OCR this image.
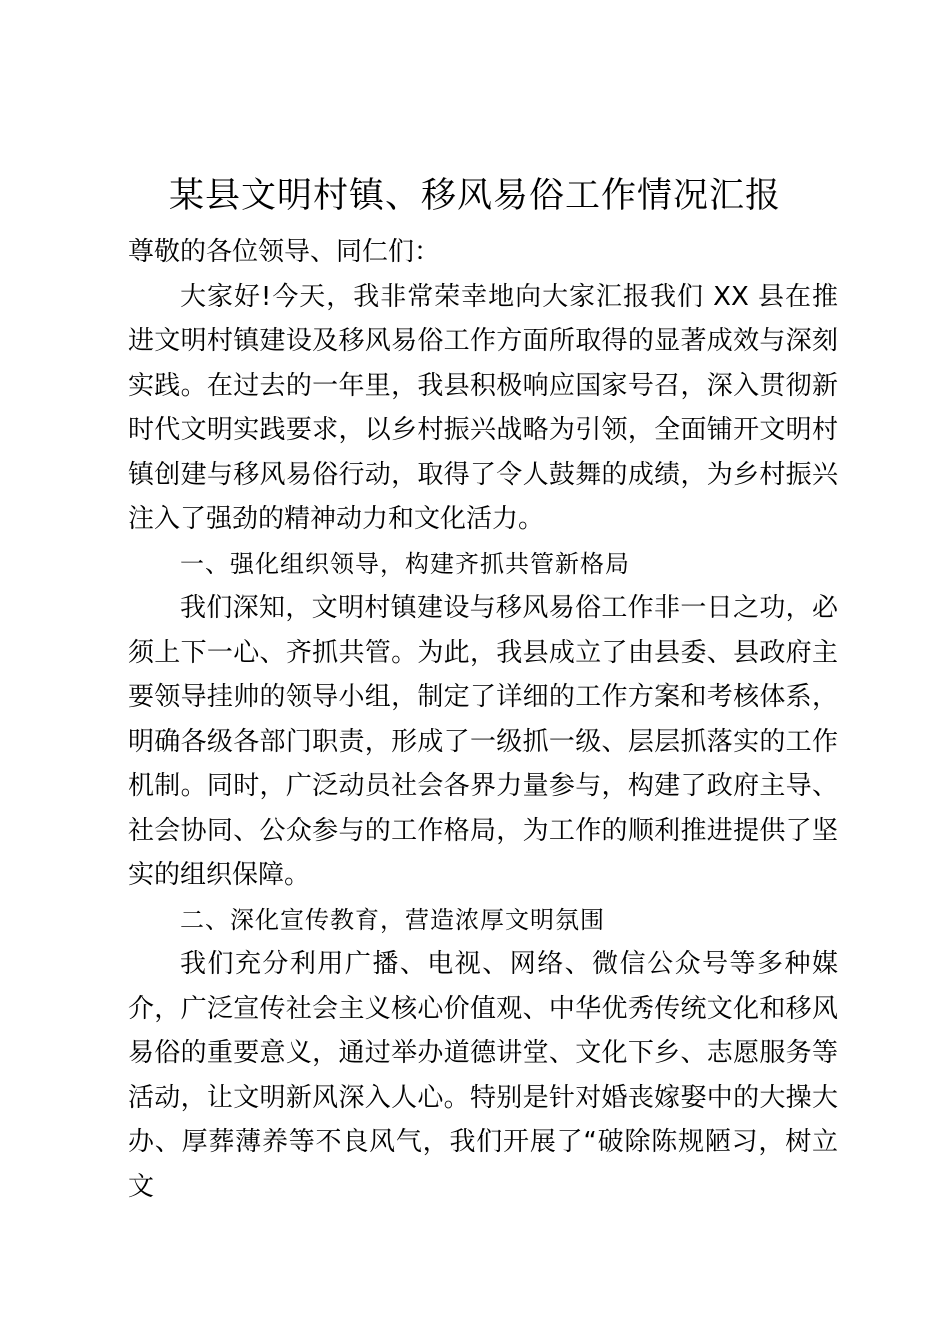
某县文明村镇、移风易俗工作情况汇报

尊敬的各位领导、同仁们：

大家好!今天，我非常荣幸地向大家汇报我们 XX 县在推进文明村镇建设及移风易俗工作方面所取得的显著成效与深刻实践。在过去的一年里，我县积极响应国家号召，深入贯彻新时代文明实践要求，以乡村振兴战略为引领，全面铺开文明村镇创建与移风易俗行动，取得了令人鼓舞的成绩，为乡村振兴注入了强劲的精神动力和文化活力。

一、强化组织领导，构建齐抓共管新格局

我们深知，文明村镇建设与移风易俗工作非一日之功，必须上下一心、齐抓共管。为此，我县成立了由县委、县政府主要领导挂帅的领导小组，制定了详细的工作方案和考核体系，明确各级各部门职责，形成了一级抓一级、层层抓落实的工作机制。同时，广泛动员社会各界力量参与，构建了政府主导、社会协同、公众参与的工作格局，为工作的顺利推进提供了坚实的组织保障。

二、深化宣传教育，营造浓厚文明氛围

我们充分利用广播、电视、网络、微信公众号等多种媒介，广泛宣传社会主义核心价值观、中华优秀传统文化和移风易俗的重要意义，通过举办道德讲堂、文化下乡、志愿服务等活动，让文明新风深入人心。特别是针对婚丧嫁娶中的大操大办、厚葬薄养等不良风气，我们开展了“破除陈规陋习，树立文
